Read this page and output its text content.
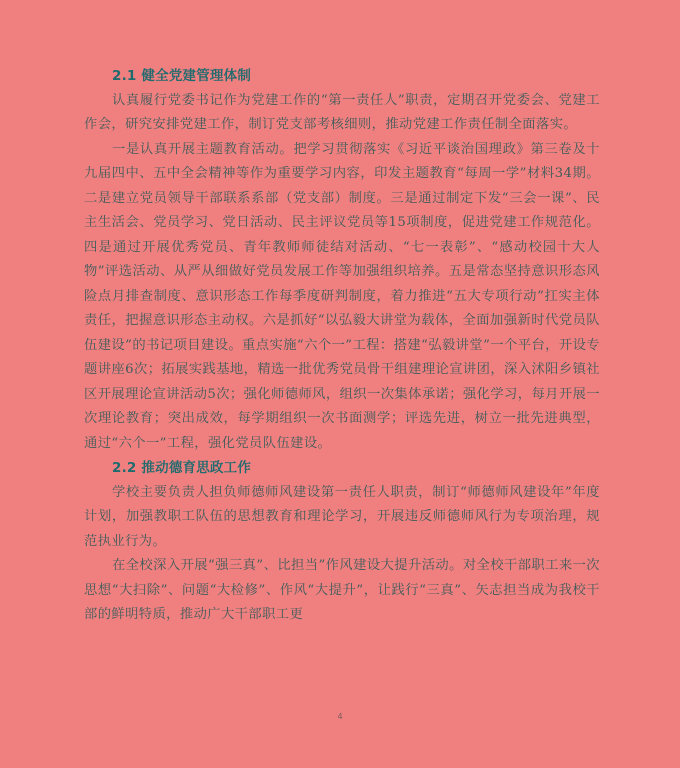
2.1 健全党建管理体制

认真履行党委书记作为党建工作的“第一责任人”职责，定期召开党委会、党建工作会，研究安排党建工作，制订党支部考核细则，推动党建工作责任制全面落实。

一是认真开展主题教育活动。把学习贯彻落实《习近平谈治国理政》第三卷及十九届四中、五中全会精神等作为重要学习内容，印发主题教育“每周一学”材料34期。二是建立党员领导干部联系系部（党支部）制度。三是通过制定下发“三会一课”、民主生活会、党员学习、党日活动、民主评议党员等15项制度，促进党建工作规范化。四是通过开展优秀党员、青年教师师徒结对活动、“七一表彰”、“感动校园十大人物”评选活动、从严从细做好党员发展工作等加强组织培养。五是常态坚持意识形态风险点月排查制度、意识形态工作每季度研判制度，着力推进“五大专项行动”扛实主体责任，把握意识形态主动权。六是抓好“以弘毅大讲堂为载体，全面加强新时代党员队伍建设”的书记项目建设。重点实施“六个一”工程：搭建“弘毅讲堂”一个平台，开设专题讲座6次；拓展实践基地，精选一批优秀党员骨干组建理论宣讲团，深入沭阳乡镇社区开展理论宣讲活动5次；强化师德师风，组织一次集体承诺；强化学习，每月开展一次理论教育；突出成效，每学期组织一次书面测学；评选先进，树立一批先进典型，通过“六个一”工程，强化党员队伍建设。

2.2 推动德育思政工作

学校主要负责人担负师德师风建设第一责任人职责，制订“师德师风建设年”年度计划，加强教职工队伍的思想教育和理论学习，开展违反师德师风行为专项治理，规范执业行为。

在全校深入开展“强三真”、比担当”作风建设大提升活动。对全校干部职工来一次思想“大扫除”、问题“大检修”、作风“大提升”，让践行“三真”、矢志担当成为我校干部的鲜明特质，推动广大干部职工更

4
